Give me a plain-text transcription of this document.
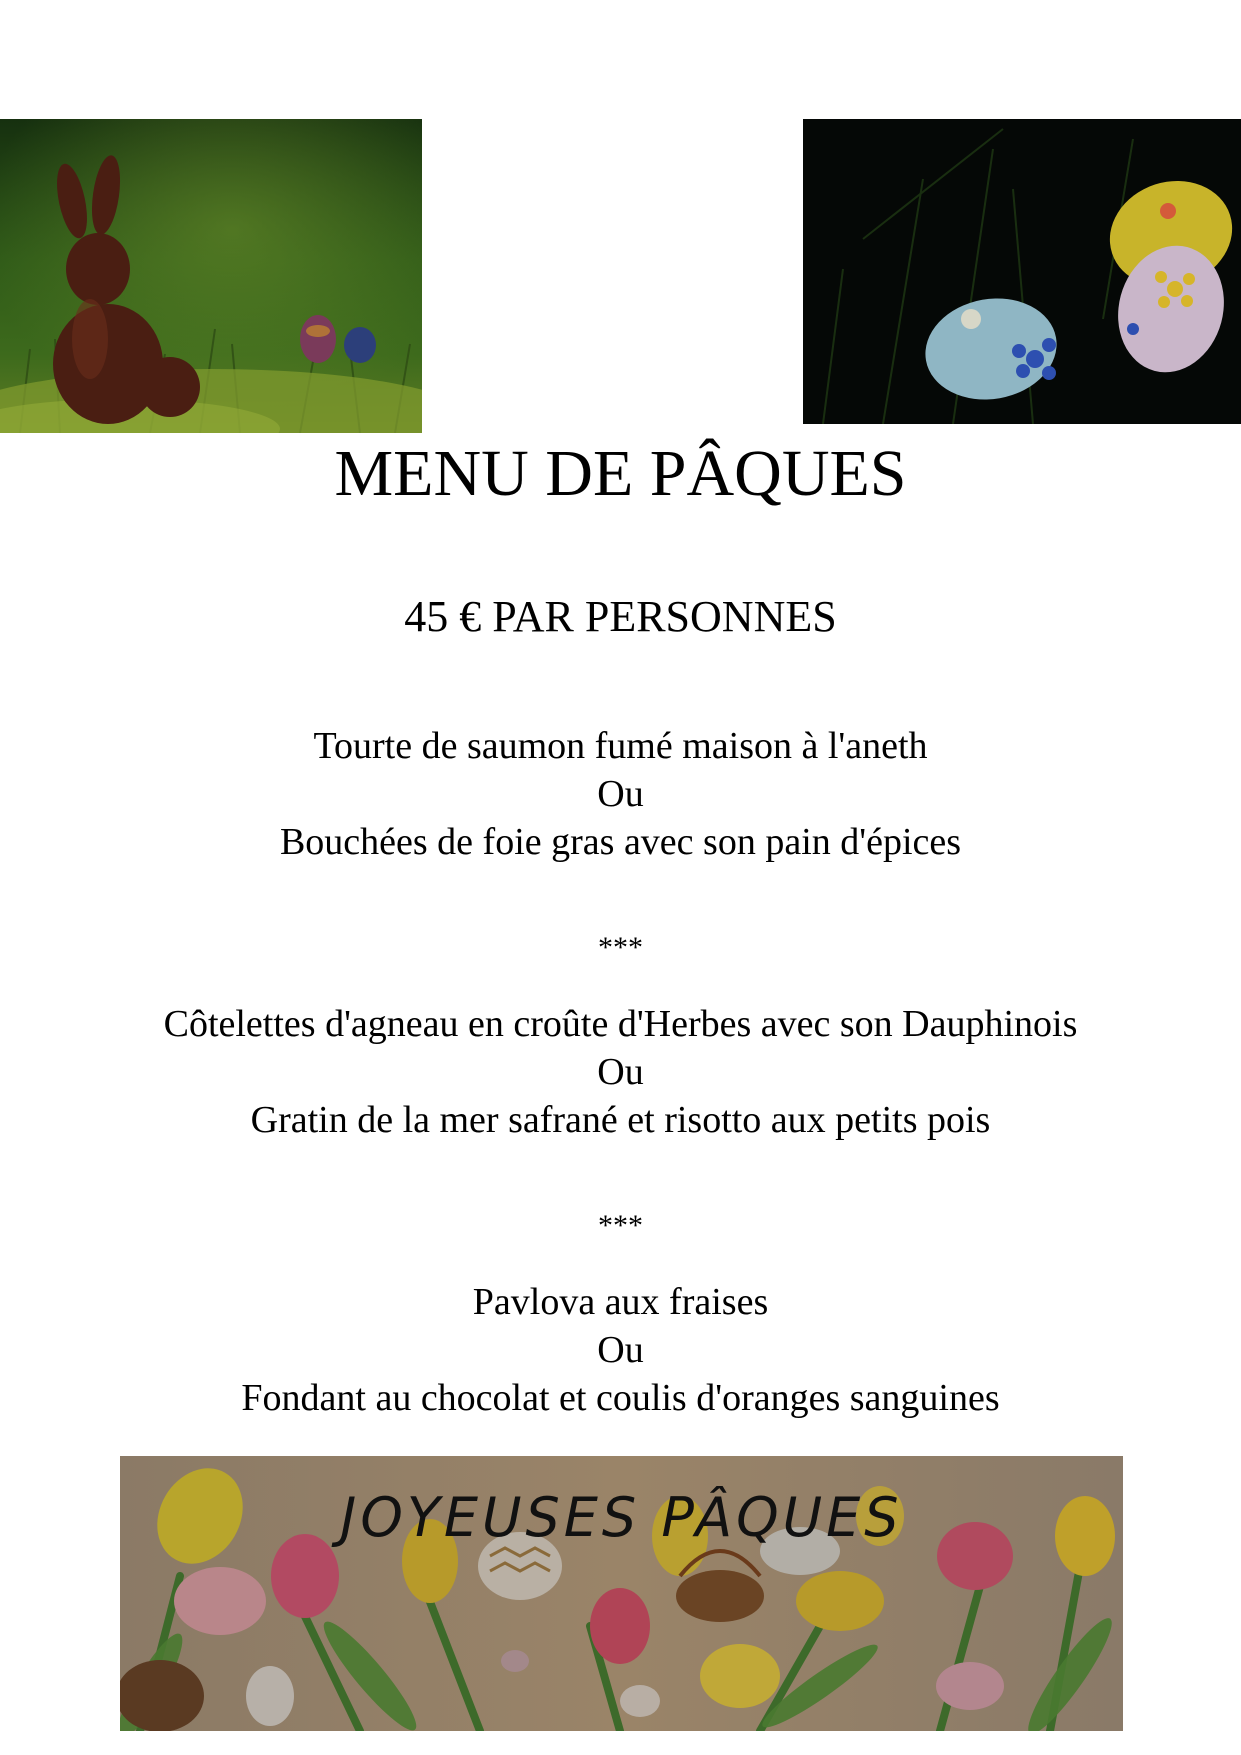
MENU DE PÂQUES
45 € PAR PERSONNES
Tourte de saumon fumé maison à l'aneth
Ou
Bouchées de foie gras avec son pain d'épices
***
Côtelettes d'agneau en croûte d'Herbes avec son Dauphinois
Ou
Gratin de la mer safrané et risotto aux petits pois
***
Pavlova aux fraises
Ou
Fondant au chocolat et coulis d'oranges sanguines
JOYEUSES PÂQUES
